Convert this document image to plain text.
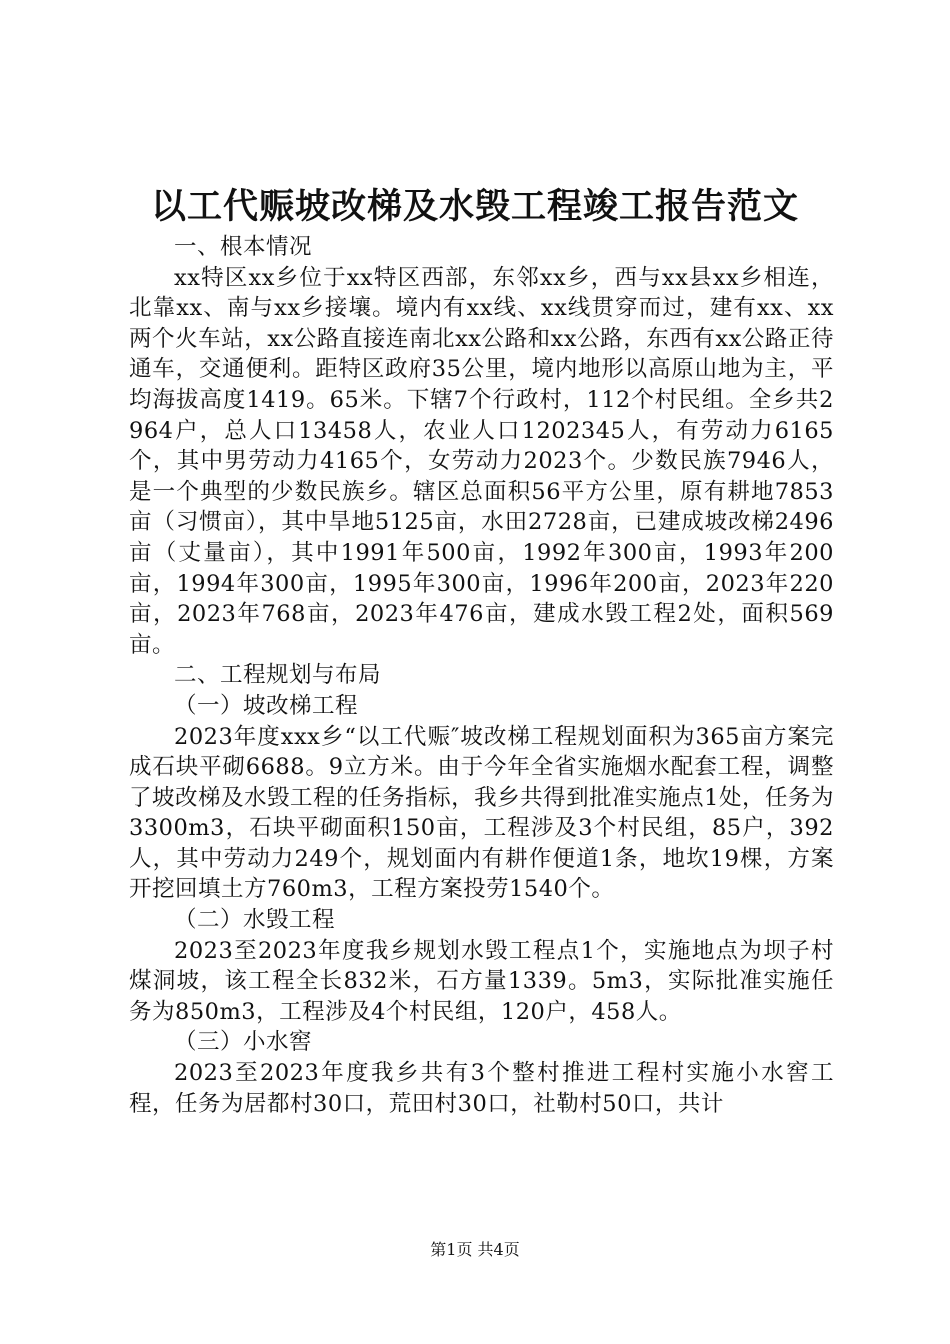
以工代赈坡改梯及水毁工程竣工报告范文

一、根本情况

xx特区xx乡位于xx特区西部，东邻xx乡，西与xx县xx乡相连，北靠xx、南与xx乡接壤。境内有xx线、xx线贯穿而过，建有xx、xx两个火车站，xx公路直接连南北xx公路和xx公路，东西有xx公路正待通车，交通便利。距特区政府35公里，境内地形以高原山地为主，平均海拔高度1419。65米。下辖7个行政村，112个村民组。全乡共2964户，总人口13458人，农业人口1202345人，有劳动力6165个，其中男劳动力4165个，女劳动力2023个。少数民族7946人，是一个典型的少数民族乡。辖区总面积56平方公里，原有耕地7853亩（习惯亩），其中旱地5125亩，水田2728亩，已建成坡改梯2496亩（丈量亩），其中1991年500亩，1992年300亩，1993年200亩，1994年300亩，1995年300亩，1996年200亩，2023年220亩，2023年768亩，2023年476亩，建成水毁工程2处，面积569亩。

二、工程规划与布局

（一）坡改梯工程

2023年度xxx乡“以工代赈″坡改梯工程规划面积为365亩方案完成石块平砌6688。9立方米。由于今年全省实施烟水配套工程，调整了坡改梯及水毁工程的任务指标，我乡共得到批准实施点1处，任务为3300m3，石块平砌面积150亩，工程涉及3个村民组，85户，392人，其中劳动力249个，规划面内有耕作便道1条，地坎19棵，方案开挖回填土方760m3，工程方案投劳1540个。

（二）水毁工程

2023至2023年度我乡规划水毁工程点1个，实施地点为坝子村煤洞坡，该工程全长832米，石方量1339。5m3，实际批准实施任务为850m3，工程涉及4个村民组，120户，458人。

（三）小水窖

2023至2023年度我乡共有3个整村推进工程村实施小水窖工程，任务为居都村30口，荒田村30口，社勒村50口，共计

第1页 共4页
